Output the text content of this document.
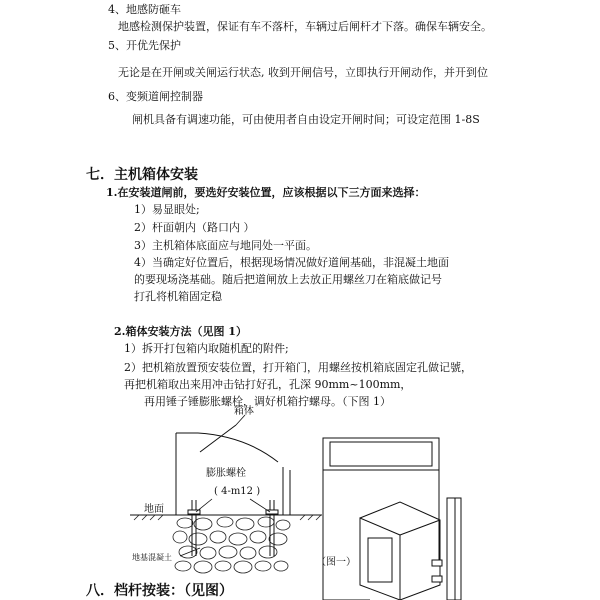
4、地感防砸车
地感检测保护装置，保证有车不落杆，车辆过后闸杆才下落。确保车辆安全。
5、开优先保护
无论是在开闸或关闸运行状态, 收到开闸信号，立即执行开闸动作，并开到位
6、变频道闸控制器
闸机具备有调速功能，可由使用者自由设定开闸时间；可设定范围 1-8S
七．主机箱体安装
1.在安装道闸前，要选好安装位置，应该根据以下三方面来选择：
1）易显眼处;
2）杆面朝内（路口内 ）
3）主机箱体底面应与地同处一平面。
4）当确定好位置后，根据现场情况做好道闸基础，非混凝土地面
的要现场浇基础。随后把道闸放上去放正用螺丝刀在箱底做记号
打孔将机箱固定稳
2.箱体安装方法（见图 1）
1）拆开打包箱内取随机配的附件;
2）把机箱放置预安装位置，打开箱门，用螺丝按机箱底固定孔做记號，
再把机箱取出来用冲击钻打好孔，孔深 90mm~100mm，
再用锤子锤膨胀螺栓，调好机箱拧螺母。（下图 1）
箱体
膨胀螺栓
( 4-m12 )
地面
地基混凝土	（图一）
八．档杆按装：（见图）
